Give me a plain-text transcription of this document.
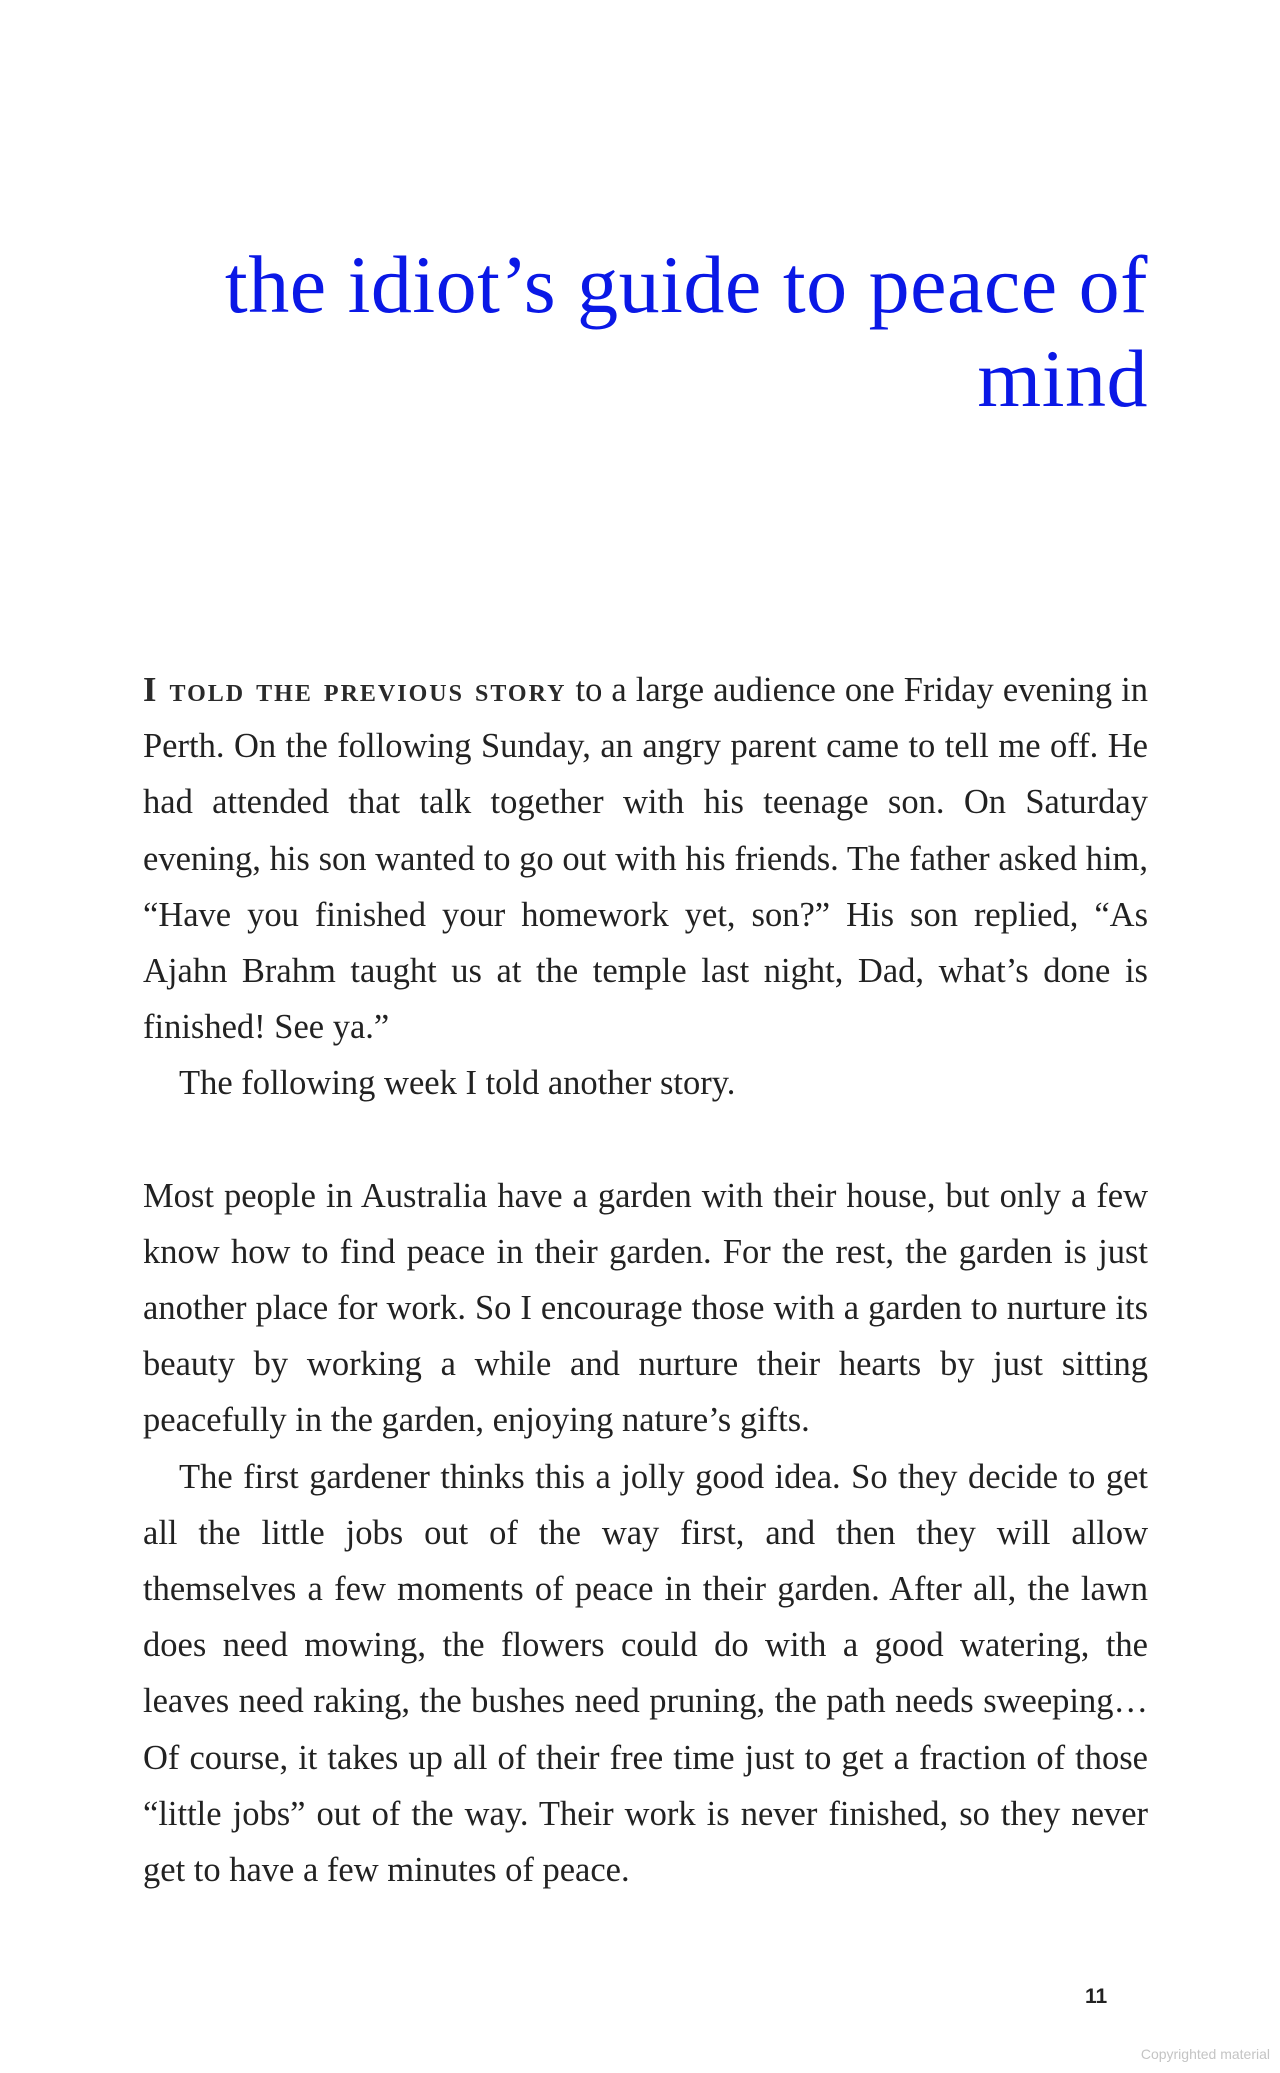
the idiot’s guide to peace of mind

I told the previous story to a large audience one Friday evening in Perth. On the following Sunday, an angry parent came to tell me off. He had attended that talk together with his teenage son. On Saturday evening, his son wanted to go out with his friends. The father asked him, “Have you finished your homework yet, son?” His son replied, “As Ajahn Brahm taught us at the temple last night, Dad, what’s done is finished! See ya.”

The following week I told another story.

Most people in Australia have a garden with their house, but only a few know how to find peace in their garden. For the rest, the garden is just another place for work. So I encourage those with a garden to nurture its beauty by working a while and nurture their hearts by just sitting peacefully in the garden, enjoying nature’s gifts.

The first gardener thinks this a jolly good idea. So they decide to get all the little jobs out of the way first, and then they will allow themselves a few moments of peace in their garden. After all, the lawn does need mowing, the flowers could do with a good watering, the leaves need raking, the bushes need pruning, the path needs sweeping… Of course, it takes up all of their free time just to get a fraction of those “little jobs” out of the way. Their work is never finished, so they never get to have a few minutes of peace.

11
Copyrighted material
